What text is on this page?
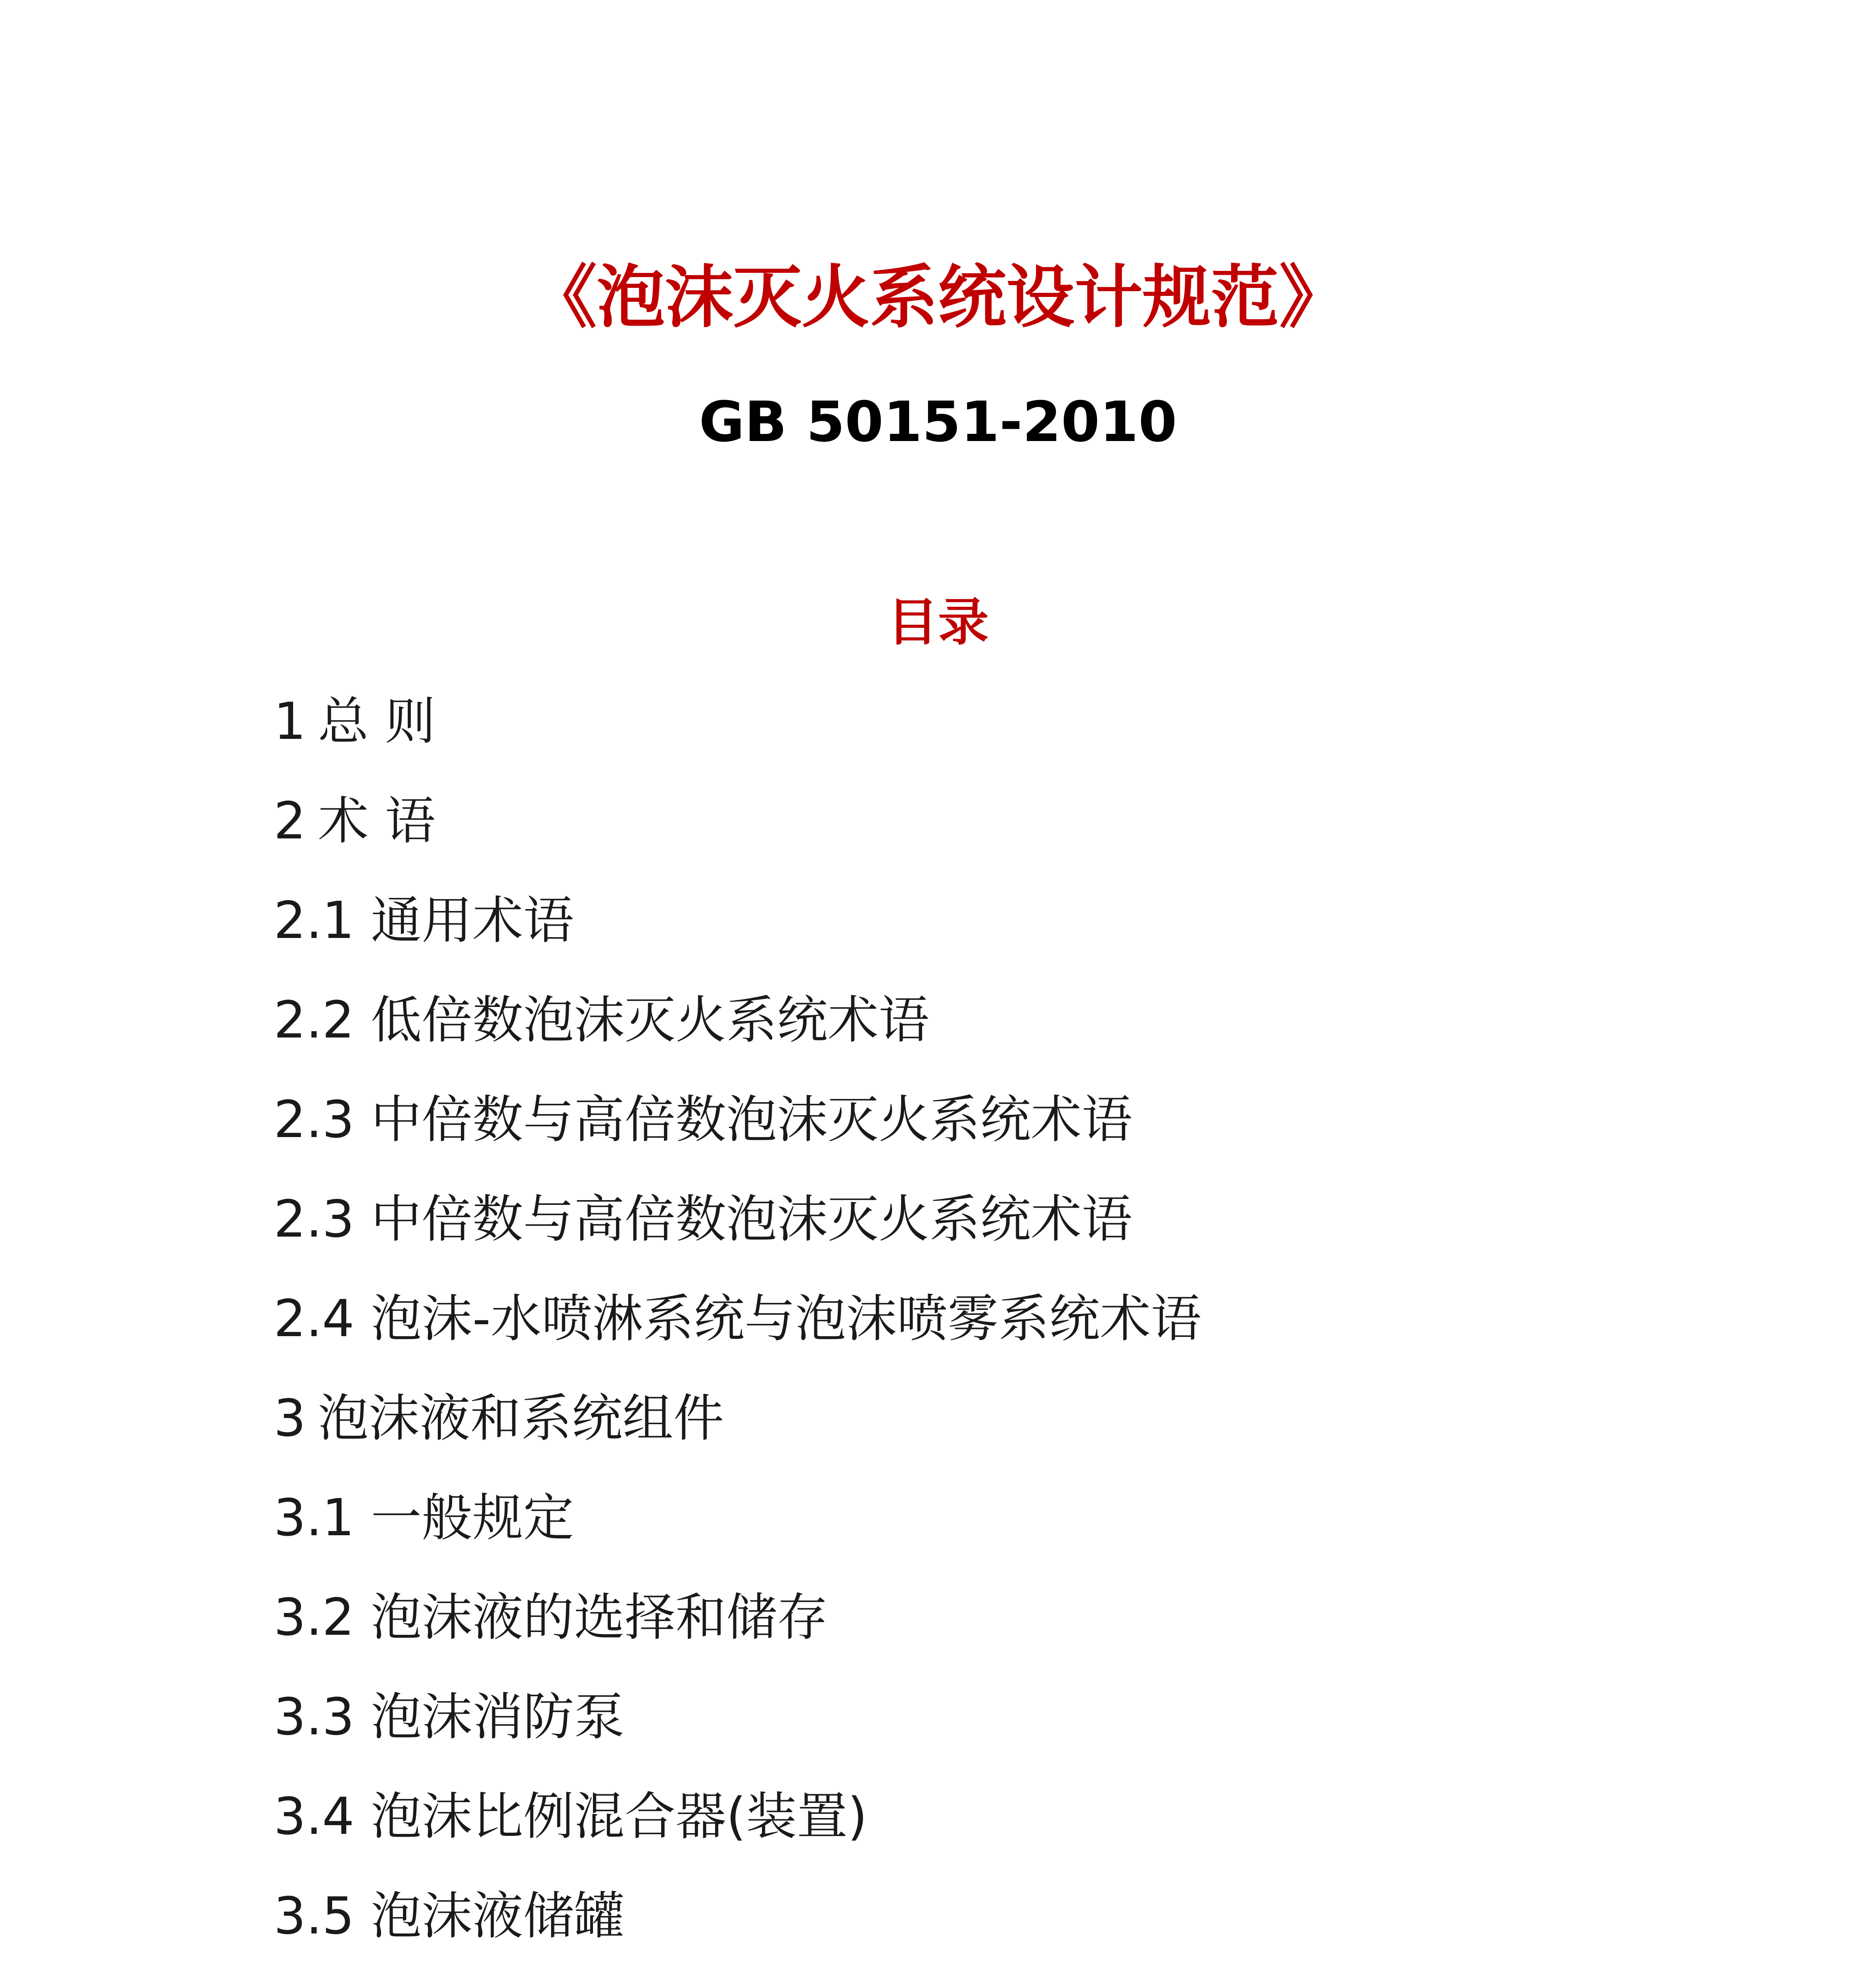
《泡沫灭火系统设计规范》
GB 50151-2010
目录
1 总 则
2 术 语
2.1 通用术语
2.2 低倍数泡沫灭火系统术语
2.3 中倍数与高倍数泡沫灭火系统术语
2.3 中倍数与高倍数泡沫灭火系统术语
2.4 泡沫-水喷淋系统与泡沫喷雾系统术语
3 泡沫液和系统组件
3.1 一般规定
3.2 泡沫液的选择和储存
3.3 泡沫消防泵
3.4 泡沫比例混合器(装置)
3.5 泡沫液储罐
